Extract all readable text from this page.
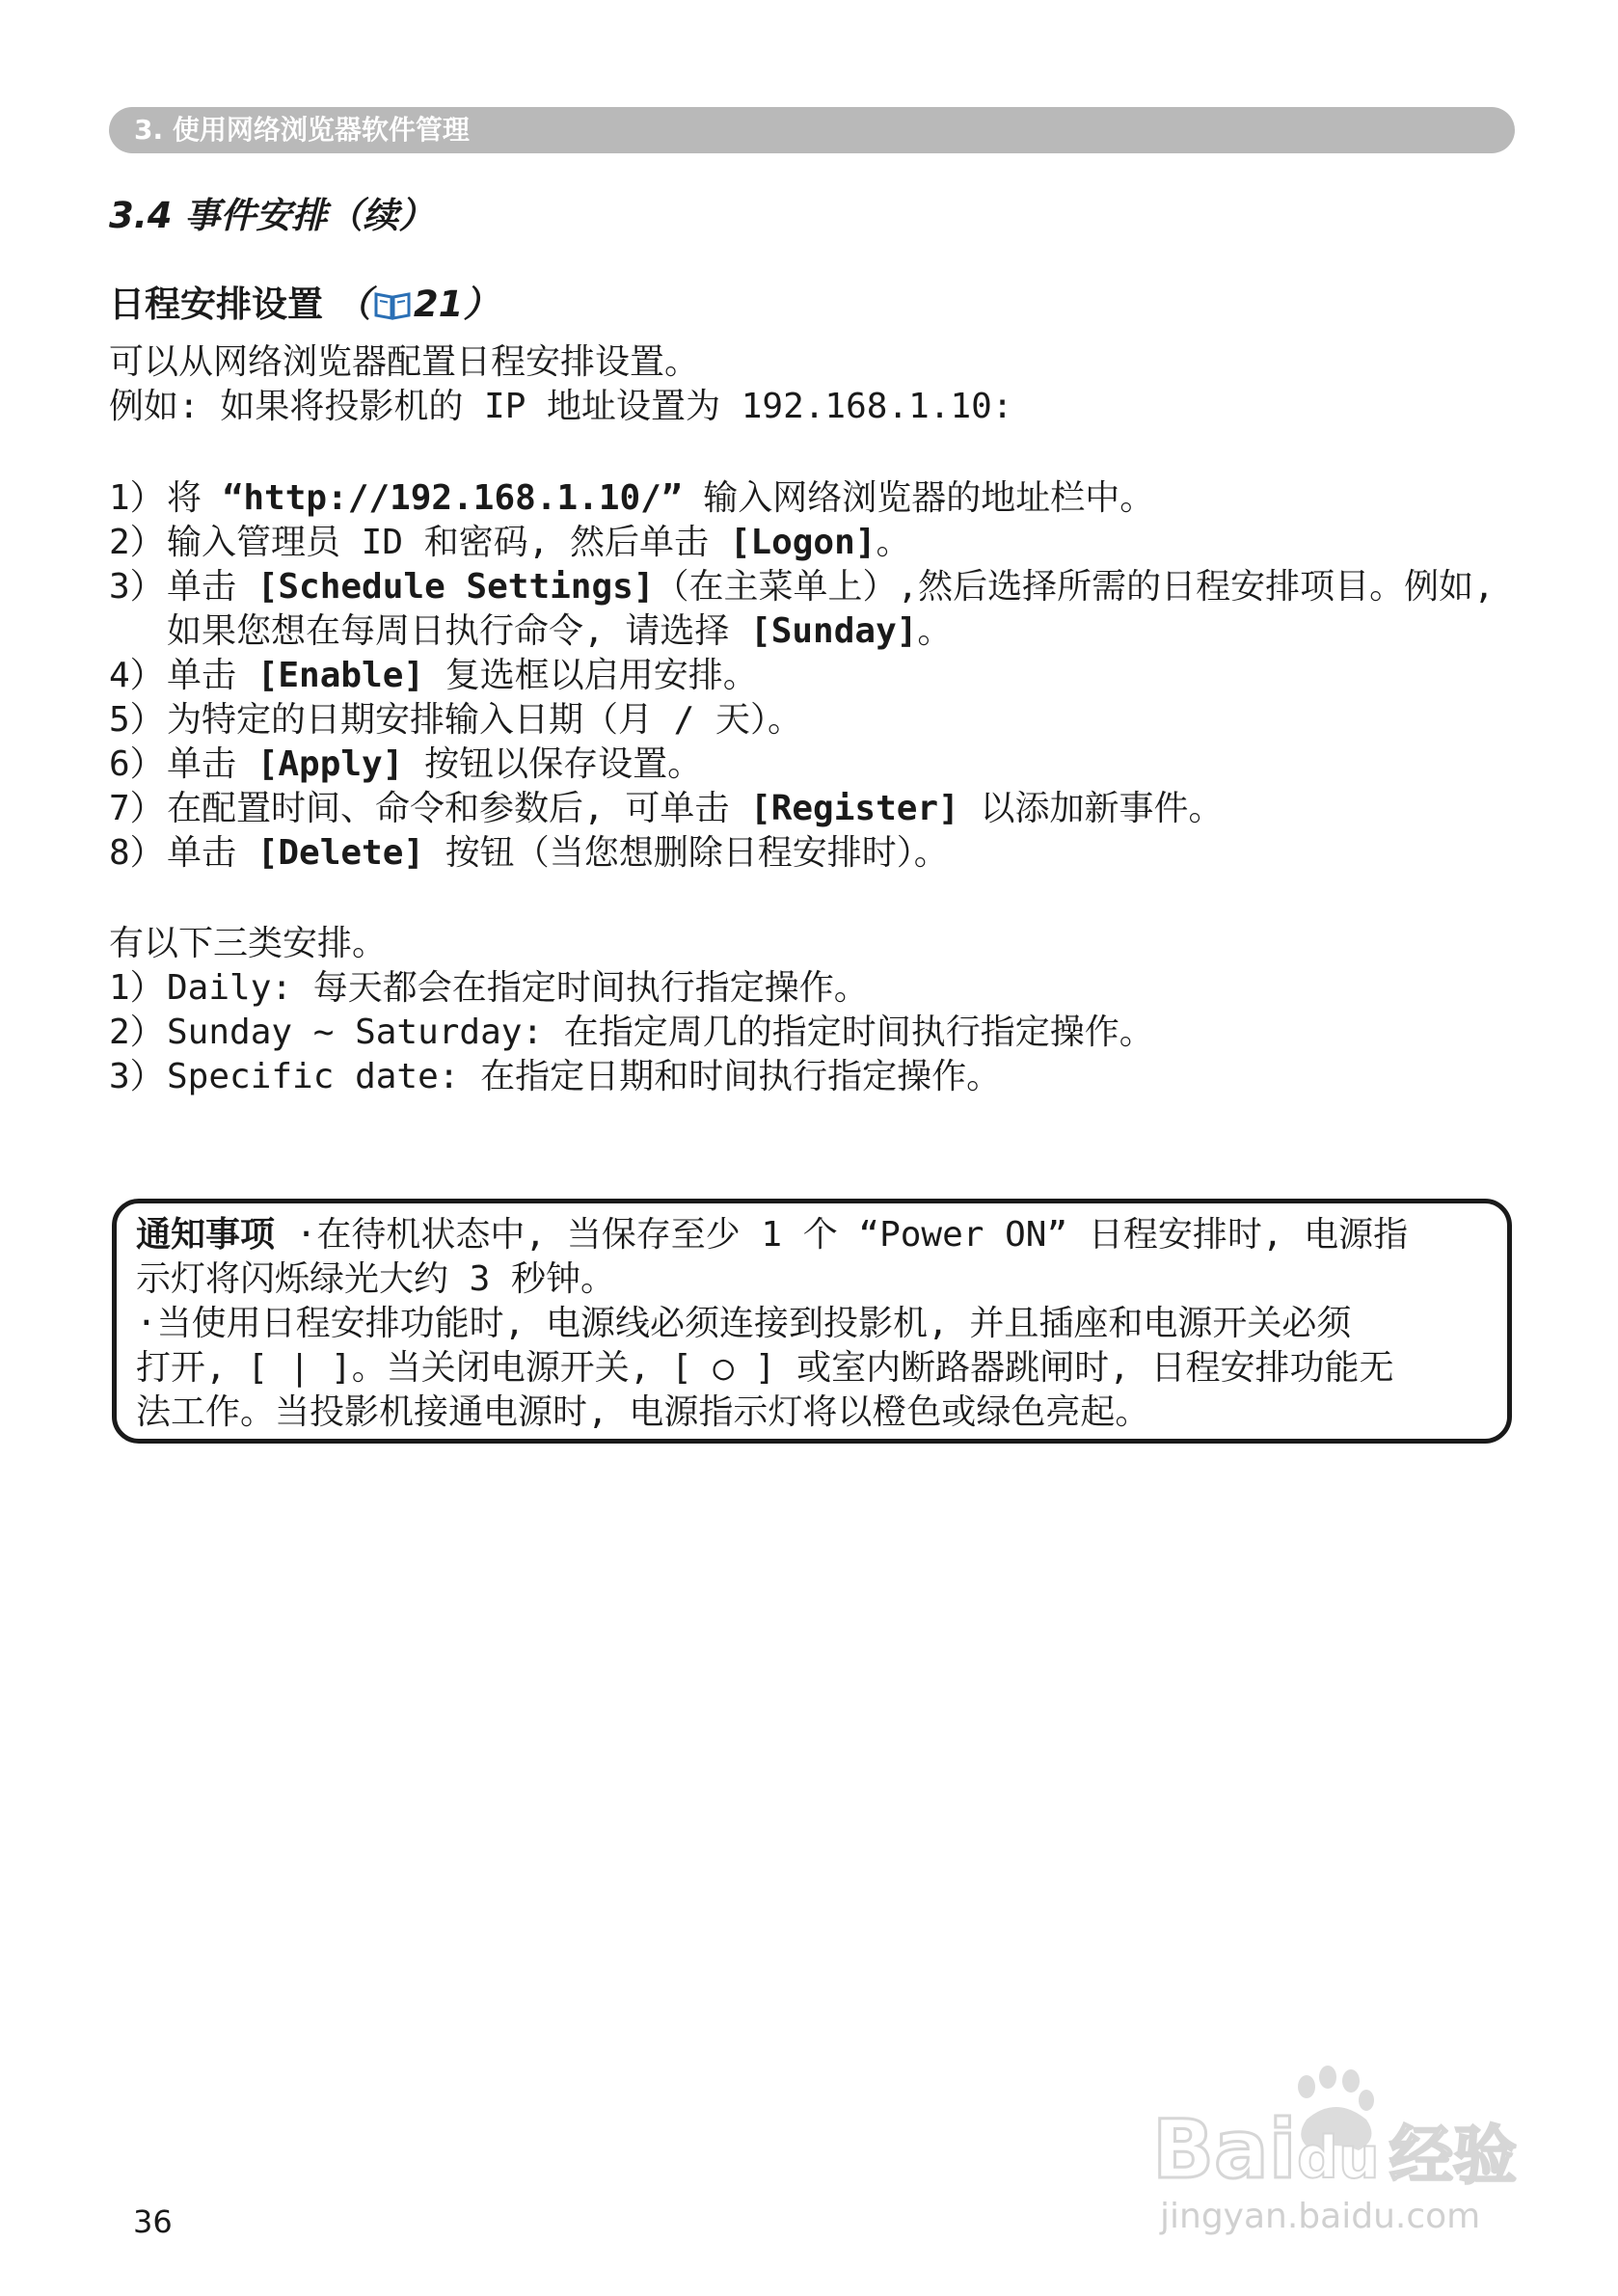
3. 使用网络浏览器软件管理
3.4 事件安排（续）
日程安排设置 （ 21）
可以从网络浏览器配置日程安排设置。
例如: 如果将投影机的 IP 地址设置为 192.168.1.10:
1）将 “http://192.168.1.10/” 输入网络浏览器的地址栏中。
2）输入管理员 ID 和密码, 然后单击 [Logon]。
3）单击 [Schedule Settings]（在主菜单上）,然后选择所需的日程安排项目。例如,
如果您想在每周日执行命令, 请选择 [Sunday]。
4）单击 [Enable] 复选框以启用安排。
5）为特定的日期安排输入日期（月 / 天）。
6）单击 [Apply] 按钮以保存设置。
7）在配置时间、命令和参数后, 可单击 [Register] 以添加新事件。
8）单击 [Delete] 按钮（当您想删除日程安排时）。
有以下三类安排。
1）Daily: 每天都会在指定时间执行指定操作。
2）Sunday ~ Saturday: 在指定周几的指定时间执行指定操作。
3）Specific date: 在指定日期和时间执行指定操作。
通知事项 ·在待机状态中, 当保存至少 1 个 “Power ON” 日程安排时, 电源指
示灯将闪烁绿光大约 3 秒钟。
·当使用日程安排功能时, 电源线必须连接到投影机, 并且插座和电源开关必须
打开, [ | ]。当关闭电源开关, [ ○ ] 或室内断路器跳闸时, 日程安排功能无
法工作。当投影机接通电源时, 电源指示灯将以橙色或绿色亮起。
36
Bai du 经验
jingyan.baidu.com
